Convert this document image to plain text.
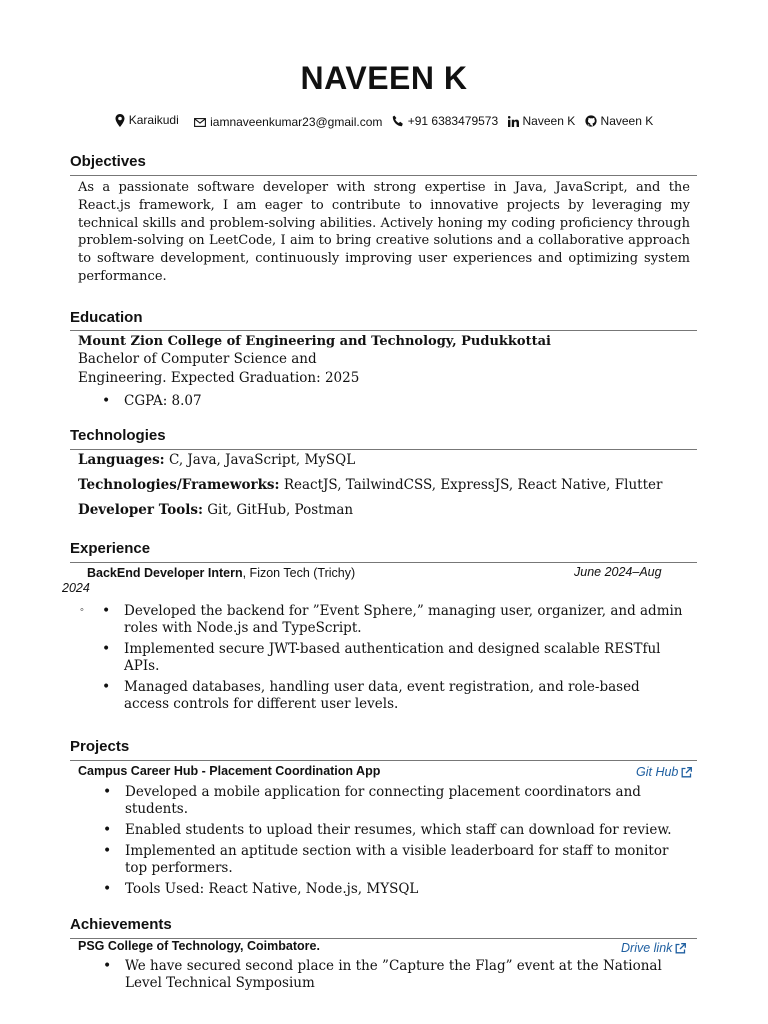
NAVEEN K
Karaikudi
	iamnaveenkumar23@gmail.com
+91 6383479573
Naveen K
Naveen K
Objectives
As a passionate software developer with strong expertise in Java, JavaScript, and the React.js framework, I am eager to contribute to innovative projects by leveraging my technical skills and problem-solving abilities. Actively honing my coding proficiency through problem-solving on LeetCode, I aim to bring creative solutions and a collaborative approach to software development, continuously improving user experiences and optimizing system performance.
Education
Mount Zion College of Engineering and Technology, Pudukkottai
Bachelor of Computer Science and
Engineering. Expected Graduation: 2025
• CGPA: 8.07
Technologies
Languages: C, Java, JavaScript, MySQL
Technologies/Frameworks: ReactJS, TailwindCSS, ExpressJS, React Native, Flutter
Developer Tools: Git, GitHub, Postman
Experience
BackEnd Developer Intern, Fizon Tech (Trichy)	June 2024–Aug
2024
◦ • Developed the backend for ”Event Sphere,” managing user, organizer, and admin roles with Node.js and TypeScript.
• Implemented secure JWT-based authentication and designed scalable RESTful APIs.
• Managed databases, handling user data, event registration, and role-based access controls for different user levels.
Projects
Campus Career Hub - Placement Coordination App	Git Hub
• Developed a mobile application for connecting placement coordinators and students.
• Enabled students to upload their resumes, which staff can download for review.
• Implemented an aptitude section with a visible leaderboard for staff to monitor top performers.
• Tools Used: React Native, Node.js, MYSQL
Achievements
PSG College of Technology, Coimbatore.	Drive link
• We have secured second place in the ”Capture the Flag” event at the National Level Technical Symposium
